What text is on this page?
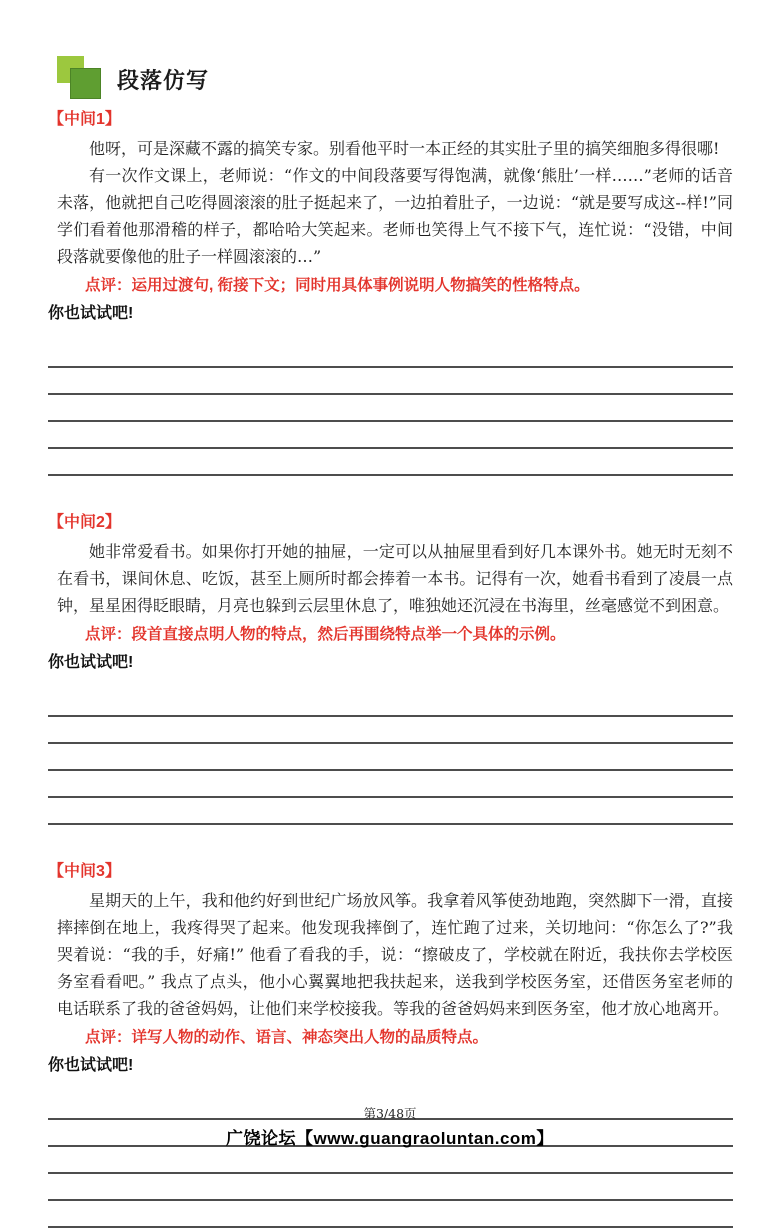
段落仿写
【中间1】

他呀，可是深藏不露的搞笑专家。别看他平时一本正经的其实肚子里的搞笑细胞多得很哪!

有一次作文课上，老师说：“作文的中间段落要写得饱满，就像‘熊肚’一样……”老师的话音未落，他就把自己吃得圆滚滚的肚子挺起来了，一边拍着肚子，一边说：“就是要写成这--样!”同学们看着他那滑稽的样子，都哈哈大笑起来。老师也笑得上气不接下气，连忙说：“没错，中间段落就要像他的肚子一样圆滚滚的…”

点评：运用过渡句, 衔接下文；同时用具体事例说明人物搞笑的性格特点。
你也试试吧!
【中间2】

她非常爱看书。如果你打开她的抽屉，一定可以从抽屉里看到好几本课外书。她无时无刻不在看书，课间休息、吃饭，甚至上厕所时都会捧着一本书。记得有一次，她看书看到了凌晨一点钟，星星困得眨眼睛，月亮也躲到云层里休息了，唯独她还沉浸在书海里，丝毫感觉不到困意。

点评：段首直接点明人物的特点，然后再围绕特点举一个具体的示例。
你也试试吧!
【中间3】

星期天的上午，我和他约好到世纪广场放风筝。我拿着风筝使劲地跑，突然脚下一滑，直接摔摔倒在地上，我疼得哭了起来。他发现我摔倒了，连忙跑了过来，关切地问：“你怎么了?”我哭着说：“我的手，好痛!” 他看了看我的手，说：“擦破皮了，学校就在附近，我扶你去学校医务室看看吧。” 我点了点头，他小心翼翼地把我扶起来，送我到学校医务室，还借医务室老师的电话联系了我的爸爸妈妈，让他们来学校接我。等我的爸爸妈妈来到医务室，他才放心地离开。

点评：详写人物的动作、语言、神态突出人物的品质特点。
你也试试吧!
第3/48页
广饶论坛【www.guangraoluntan.com】
